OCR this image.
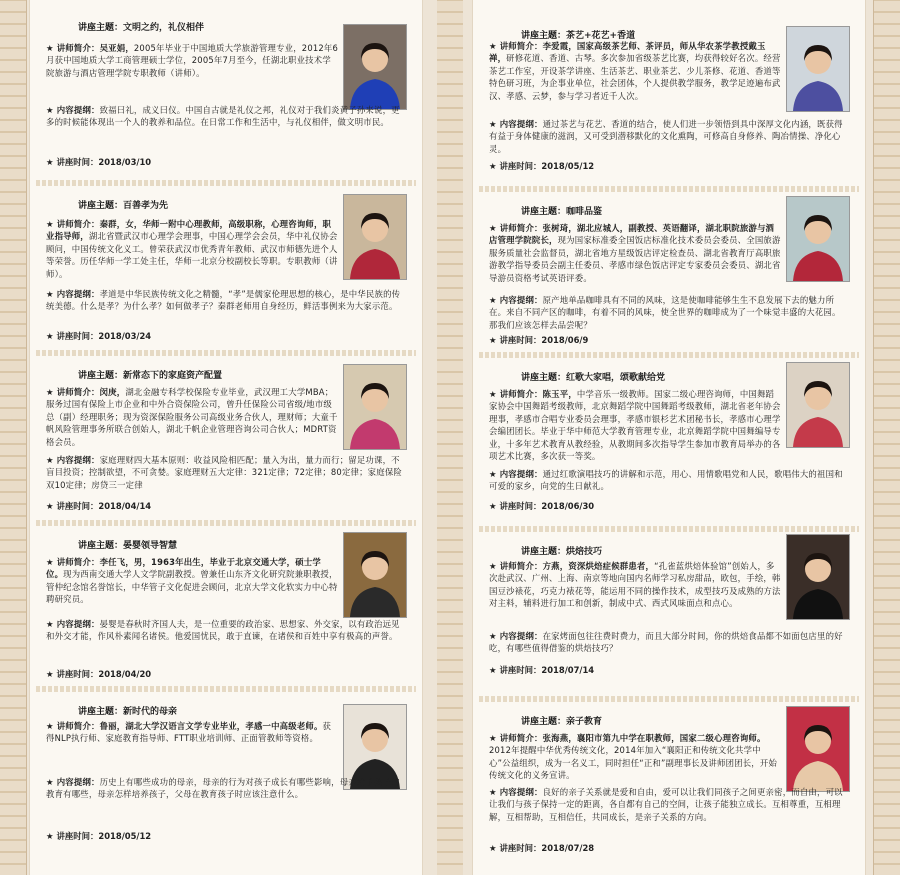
讲座主题：文明之约，礼仪相伴
★ 讲师简介：吴亚娟，2005年毕业于中国地质大学旅游管理专业，2012年6月获中国地质大学工商管理硕士学位，2005年7月至今，任湖北职业技术学院旅游与酒店管理学院专职教师（讲师）。
★ 内容提纲：致福曰礼，成义曰仪。中国自古就是礼仪之邦，礼仪对于我们炎黄子孙来说，更多的时候能体现出一个人的教养和品位。在日常工作和生活中，与礼仪相伴，做文明市民。
★ 讲座时间：2018/03/10
讲座主题：百善孝为先
★ 讲师简介：秦群，女，华师一附中心理教师，高级职称，心理咨询师，职业指导师，湖北省暨武汉市心理学会理事，中国心理学会会员，华中礼仪协会顾问，中国传统文化义工。曾荣获武汉市优秀青年教师、武汉市师德先进个人等荣誉。历任华师一学工处主任，华师一北京分校副校长等职。专职教师（讲师）。
★ 内容提纲：孝道是中华民族传统文化之精髓，“孝”是儒家伦理思想的核心，是中华民族的传统美德。什么是孝？为什么孝？如何做孝子？秦群老师用自身经历，鲜活事例来为大家示范。
★ 讲座时间：2018/03/24
讲座主题：新常态下的家庭资产配置
★ 讲师简介：闵庚，湖北金融专科学校保险专业毕业，武汉理工大学MBA；服务过国有保险上市企业和中外合资保险公司，曾升任保险公司省级/地市级总（副）经理职务；现为资深保险服务公司高级业务合伙人，理财师；大童千帆风险管理事务所联合创始人，湖北千帆企业管理咨询公司合伙人；MDRT资格会员。
★ 内容提纲：家庭理财四大基本原则：收益风险相匹配；量入为出，量力而行；留足功课，不盲目投资；控制欲望，不可贪婪。家庭理财五大定律：321定律；72定律；80定律；家庭保险双10定律；房贷三一定律
★ 讲座时间：2018/04/14
讲座主题：晏婴领导智慧
★ 讲师简介：李任飞，男，1963年出生，毕业于北京交通大学，硕士学位。现为西南交通大学人文学院副教授。曾兼任山东齐文化研究院兼职教授，管仲纪念馆名誉馆长，中华管子文化促进会顾问，北京大学文化软实力中心特聘研究员。
★ 内容提纲：晏婴是春秋时齐国人夫，是一位重要的政治家、思想家、外交家，以有政治远见和外交才能，作风朴素闻名诸侯。他爱国忧民，敢于直谏，在诸侯和百姓中享有极高的声誉。
★ 讲座时间：2018/04/20
讲座主题：新时代的母亲
★ 讲师简介：鲁丽，湖北大学汉语言文学专业毕业，孝感一中高级老师。获得NLP执行师、家庭教育指导师、FTT职业培训师、正面管教师等资格。
★ 内容提纲：历史上有哪些成功的母亲，母亲的行为对孩子成长有哪些影响，母亲给予孩子的教育有哪些，母亲怎样培养孩子，父母在教育孩子时应该注意什么。
★ 讲座时间：2018/05/12
讲座主题：茶艺+花艺+香道
★ 讲师简介：李爱霞，国家高级茶艺师、茶评员，师从华农茶学教授戴玉禅，研修花道、香道、古琴。多次参加省级茶艺比赛，均获得较好名次。经营茶艺工作室，开设茶学讲座、生活茶艺、职业茶艺、少儿茶修、花道、香道等特色研习班，为企事业单位，社会团体，个人提供教学服务，教学足迹遍布武汉、孝感、云梦，参与学习者近千人次。
★ 内容提纲：通过茶艺与花艺、香道的结合，使人们进一步领悟到具中深厚文化内涵，既获得有益于身体健康的滋润，又可受到潜移默化的文化熏陶，可修高自身修养、陶冶情操、净化心灵。
★ 讲座时间：2018/05/12
讲座主题：咖啡品鉴
★ 讲师简介：张树琦，湖北应城人，副教授、英语翻译，湖北职院旅游与酒店管理学院院长，现为国家标准委全国饭店标准化技术委员会委员、全国旅游服务质量社会监督员，湖北省地方星级饭店评定检查员、湖北省教育厅高职旅游教学指导委员会副主任委员、孝感市绿色饭店评定专家委员会委员、湖北省导游员资格考试英语评委。
★ 内容提纲：原产地单品咖啡具有不同的风味，这是使咖啡能够生生不息发展下去的魅力所在。来自不同产区的咖啡，有着不同的风味，使全世界的咖啡成为了一个味觉丰盛的大花园。那我们应该怎样去品尝呢？
★ 讲座时间：2018/06/9
讲座主题：红歌大家唱，颂歌献给党
★ 讲师简介：陈玉平，中学音乐一级教师。国家二级心理咨询师，中国舞蹈家协会中国舞蹈考级教师，北京舞蹈学院中国舞蹈考级教师，湖北省老年协会理事，孝感市合唱专业委员会理事，孝感市银杉艺术团秘书长，孝感市心理学会编团团长。毕业于华中师范大学教育管理专业，北京舞蹈学院中国舞编导专业，十多年艺术教育从教经验，从教期间多次指导学生参加市教育局举办的各项艺术比赛，多次获一等奖。
★ 内容提纲：通过红歌演唱技巧的讲解和示范，用心、用情歌唱党和人民，歌唱伟大的祖国和可爱的家乡，向党的生日献礼。
★ 讲座时间：2018/06/30
讲座主题：烘焙技巧
★ 讲师简介：方燕，资深烘焙症候群患者，“孔雀蓝烘焙体验馆”创始人，多次赴武汉、广州、上海、南京等地向国内名师学习私房甜品，欧包，手绘，韩国豆沙裱花，巧克力裱花等，能运用不同的操作技术，成型技巧及成熟的方法对主料，辅料进行加工和创新，制成中式、西式风味面点和点心。
★ 内容提纲：在家烤面包往往费时费力，而且大部分时间，你的烘焙食品都不如面包店里的好吃，有哪些值得借鉴的烘焙技巧？
★ 讲座时间：2018/07/14
讲座主题：亲子教育
★ 讲师简介：张海燕，襄阳市第九中学在职教师，国家二级心理咨询师。2012年提醒中华优秀传统文化，2014年加入“襄阳正和传统文化共学中心”公益组织，成为一名义工，同时担任“正和”副理事长及讲师团团长，开始传统文化的义务宣讲。
★ 内容提纲：良好的亲子关系就是爱和自由，爱可以让我们同孩子之间更亲密，而自由，可以让我们与孩子保持一定的距离，各自都有自己的空间，让孩子能独立成长。互相尊重，互相理解，互相帮助，互相信任，共同成长，是亲子关系的方向。
★ 讲座时间：2018/07/28
